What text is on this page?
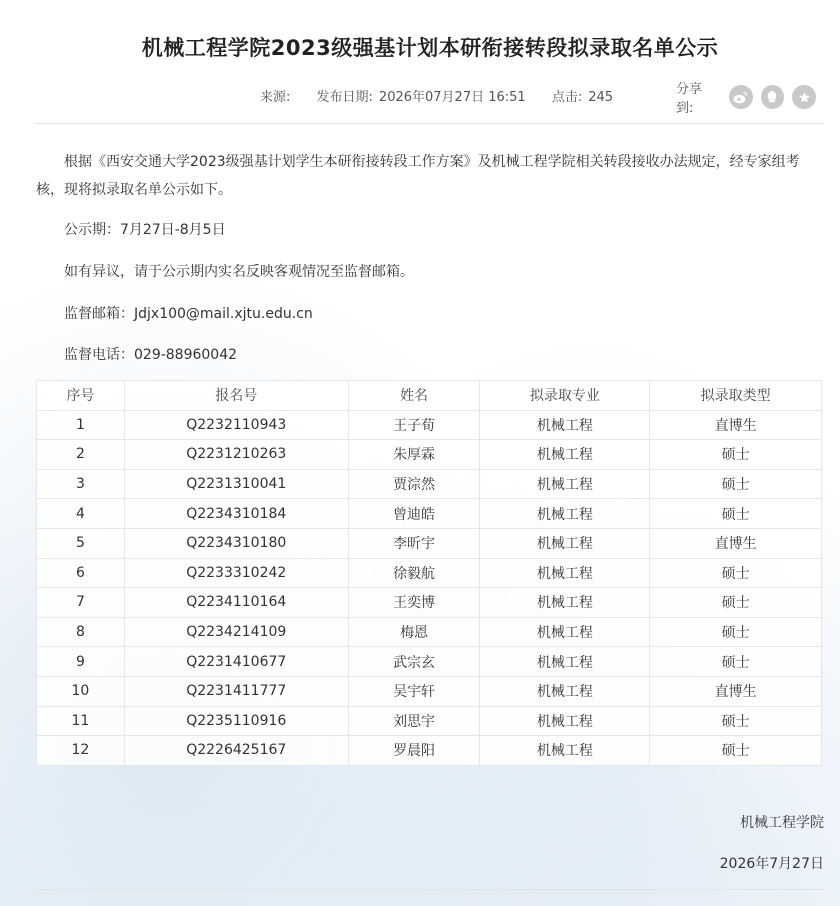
机械工程学院2023级强基计划本研衔接转段拟录取名单公示
来源: 发布日期: 2026年07月27日 16:51 点击: 245
分享到:

根据《西安交通大学2023级强基计划学生本研衔接转段工作方案》及机械工程学院相关转段接收办法规定，经专家组考核，现将拟录取名单公示如下。

公示期：7月27日-8月5日
如有异议，请于公示期内实名反映客观情况至监督邮箱。
监督邮箱：Jdjx100@mail.xjtu.edu.cn
监督电话：029-88960042
序号	报名号	姓名	拟录取专业	拟录取类型
1	Q2232110943	王子荀	机械工程	直博生
2	Q2231210263	朱厚霖	机械工程	硕士
3	Q2231310041	贾淙然	机械工程	硕士
4	Q2234310184	曾迪皓	机械工程	硕士
5	Q2234310180	李昕宇	机械工程	直博生
6	Q2233310242	徐毅航	机械工程	硕士
7	Q2234110164	王奕博	机械工程	硕士
8	Q2234214109	梅恩	机械工程	硕士
9	Q2231410677	武宗玄	机械工程	硕士
10	Q2231411777	吴宇轩	机械工程	直博生
11	Q2235110916	刘思宇	机械工程	硕士
12	Q2226425167	罗晨阳	机械工程	硕士
机械工程学院
2026年7月27日
